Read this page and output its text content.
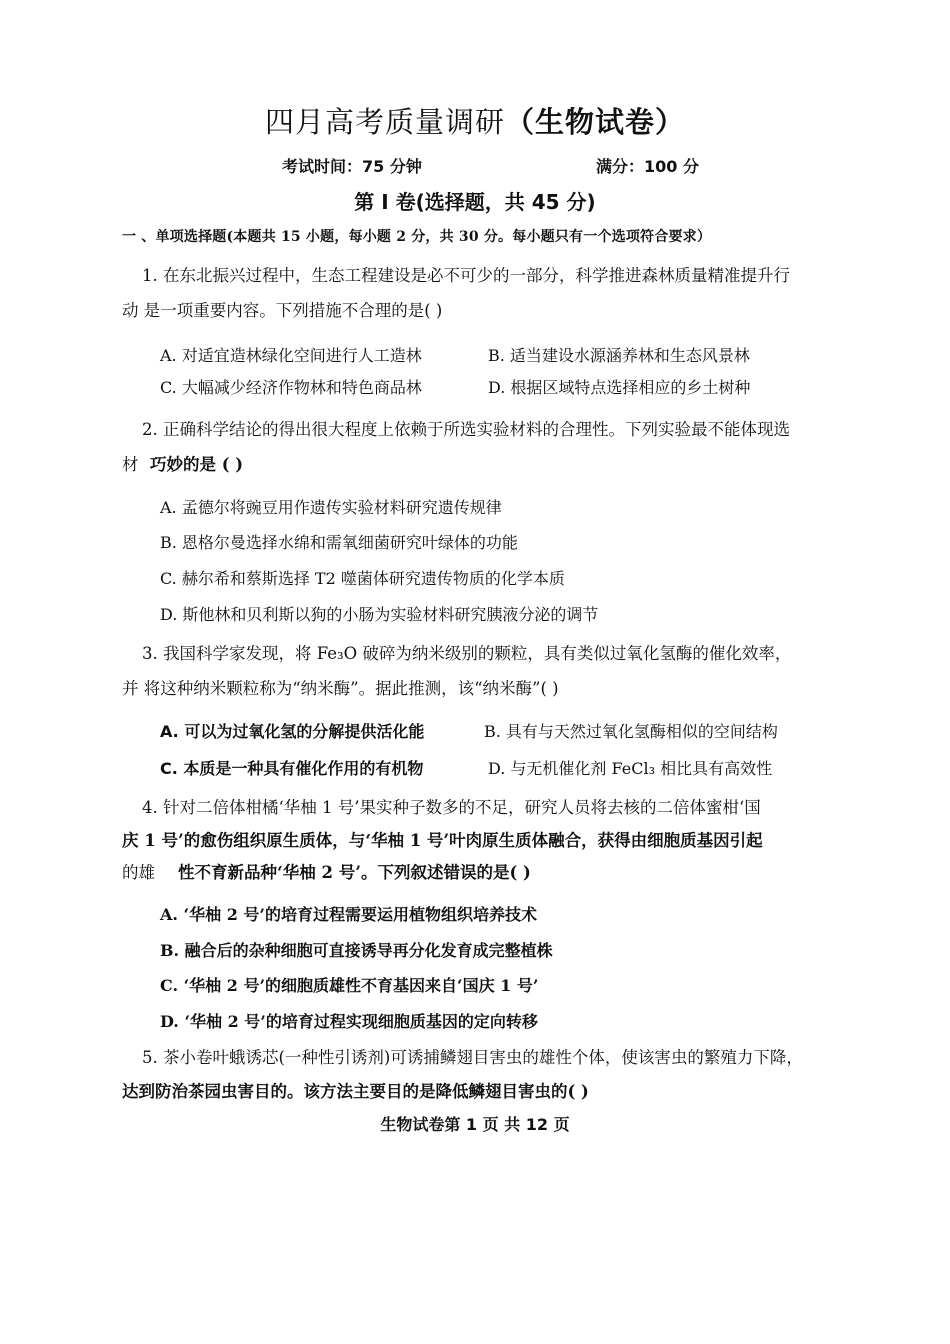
四月高考质量调研（生物试卷）
考试时间：75 分钟	满分：100 分
第 I 卷(选择题，共 45 分)
一 、单项选择题(本题共 15 小题，每小题 2 分，共 30 分。每小题只有一个选项符合要求）
1. 在东北振兴过程中，生态工程建设是必不可少的一部分，科学推进森林质量精准提升行
动 是一项重要内容。下列措施不合理的是( )
A. 对适宜造林绿化空间进行人工造林	B. 适当建设水源涵养林和生态风景林
C. 大幅减少经济作物林和特色商品林	D. 根据区域特点选择相应的乡土树种
2. 正确科学结论的得出很大程度上依赖于所选实验材料的合理性。下列实验最不能体现选
材 巧妙的是 ( )
A. 孟德尔将豌豆用作遗传实验材料研究遗传规律
B. 恩格尔曼选择水绵和需氧细菌研究叶绿体的功能
C. 赫尔希和蔡斯选择 T2 噬菌体研究遗传物质的化学本质
D. 斯他林和贝利斯以狗的小肠为实验材料研究胰液分泌的调节
3. 我国科学家发现，将 Fe₃O 破碎为纳米级别的颗粒，具有类似过氧化氢酶的催化效率，
并 将这种纳米颗粒称为“纳米酶”。据此推测，该“纳米酶”( )
A. 可以为过氧化氢的分解提供活化能	B. 具有与天然过氧化氢酶相似的空间结构
C. 本质是一种具有催化作用的有机物	D. 与无机催化剂 FeCl₃ 相比具有高效性
4. 针对二倍体柑橘‘华柚 1 号’果实种子数多的不足，研究人员将去核的二倍体蜜柑‘国
庆 1 号’的愈伤组织原生质体，与‘华柚 1 号’叶肉原生质体融合，获得由细胞质基因引起
的雄 性不育新品种‘华柚 2 号’。下列叙述错误的是( )
A. ‘华柚 2 号’的培育过程需要运用植物组织培养技术
B. 融合后的杂种细胞可直接诱导再分化发育成完整植株
C. ‘华柚 2 号’的细胞质雄性不育基因来自‘国庆 1 号’
D. ‘华柚 2 号’的培育过程实现细胞质基因的定向转移
5. 茶小卷叶蛾诱芯(一种性引诱剂)可诱捕鳞翅目害虫的雄性个体，使该害虫的繁殖力下降，
达到防治茶园虫害目的。该方法主要目的是降低鳞翅目害虫的( )
生物试卷第 1 页 共 12 页
